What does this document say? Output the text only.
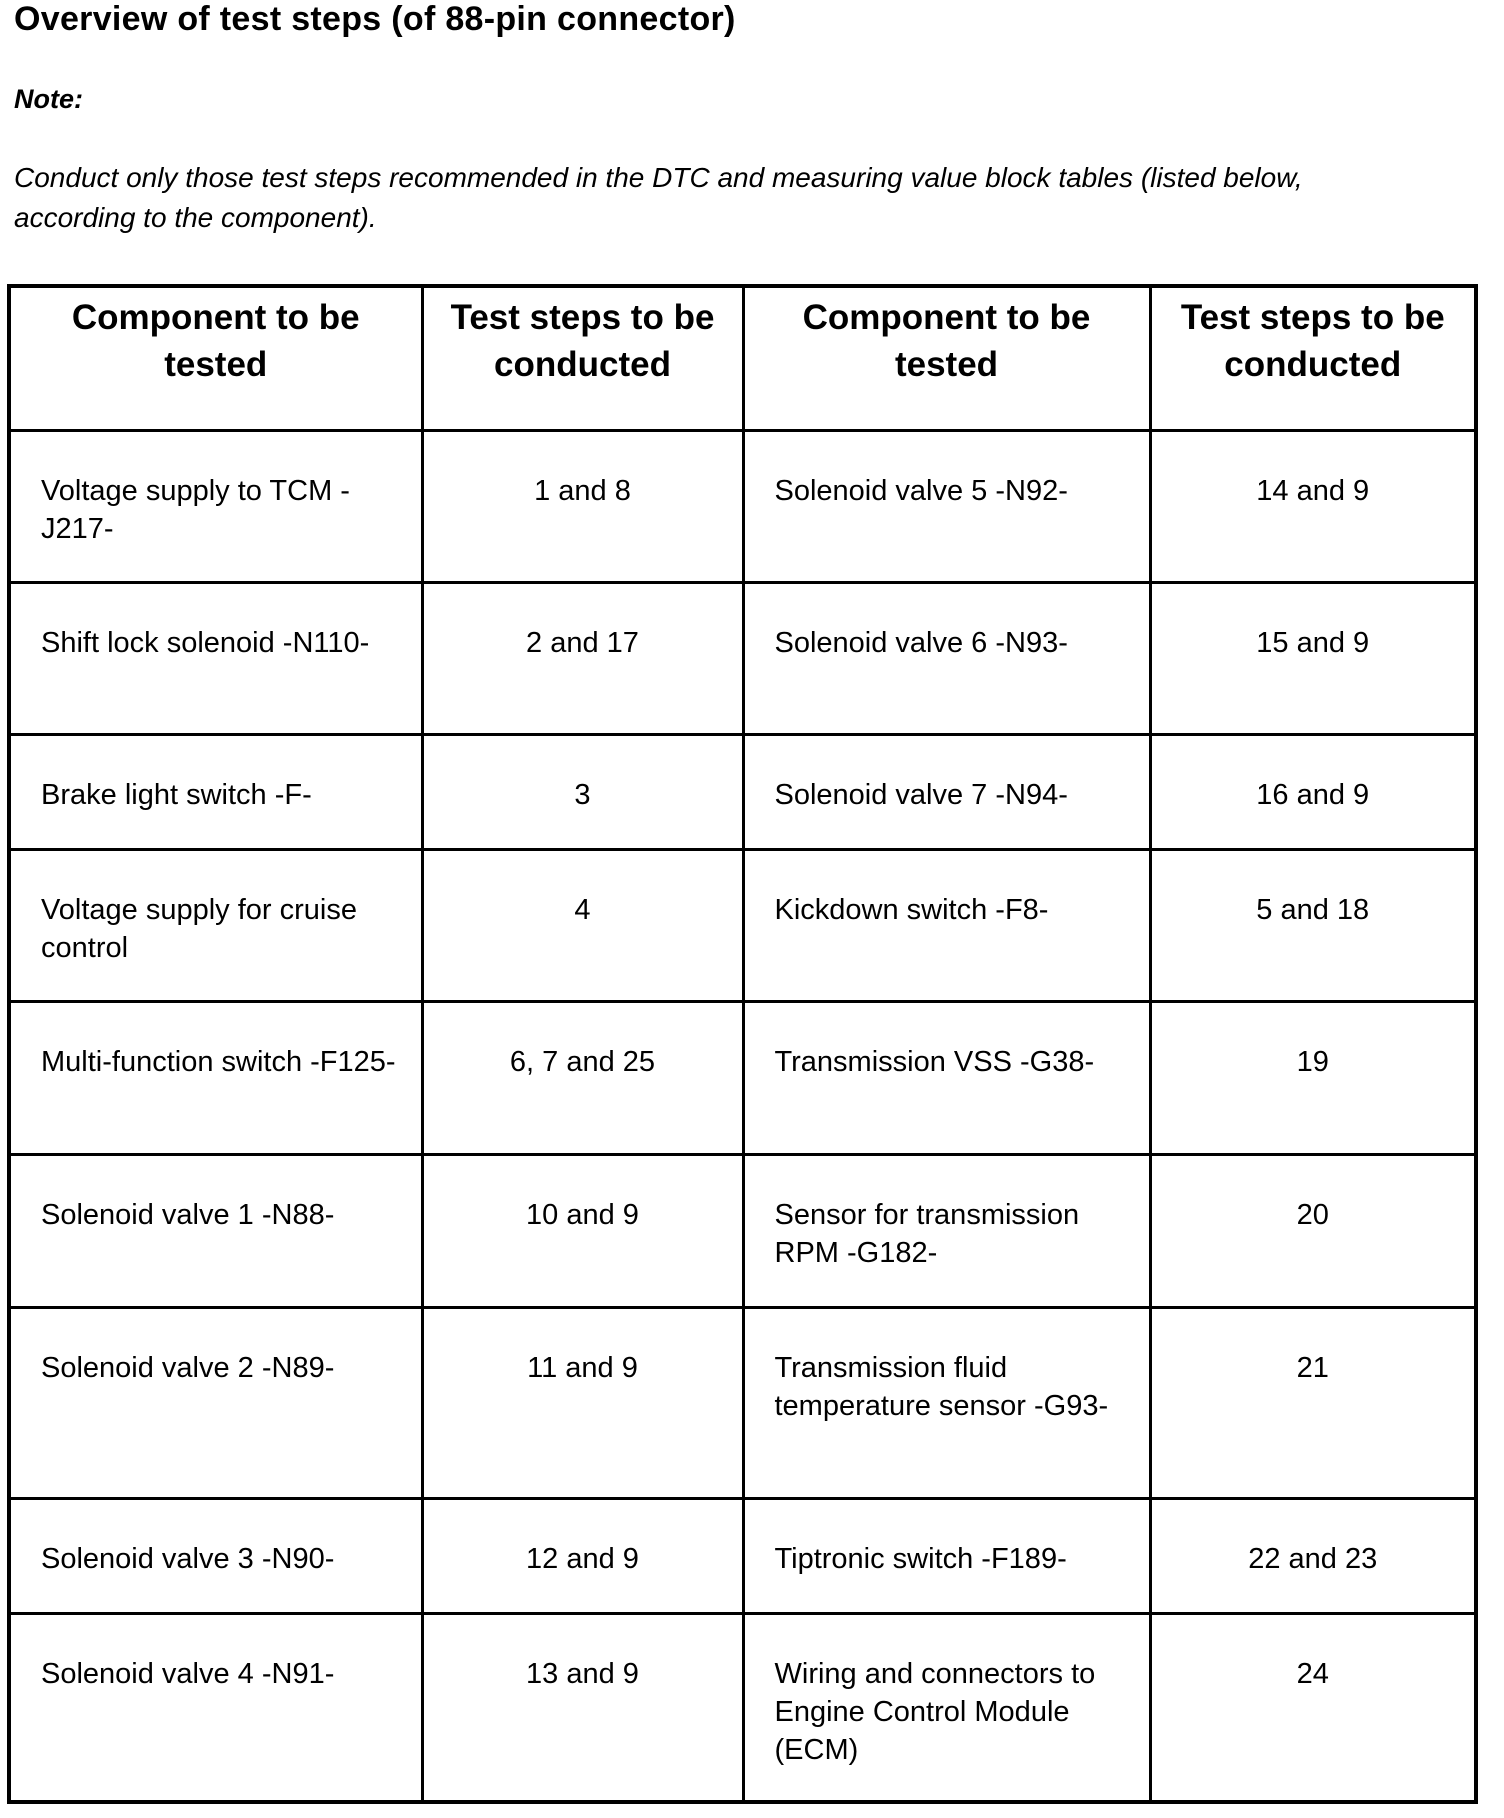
Overview of test steps (of 88-pin connector)
Note:
Conduct only those test steps recommended in the DTC and measuring value block tables (listed below, according to the component).
Component to be tested	Test steps to be conducted	Component to be tested	Test steps to be conducted
Voltage supply to TCM -J217-	1 and 8	Solenoid valve 5 -N92-	14 and 9
Shift lock solenoid -N110-	2 and 17	Solenoid valve 6 -N93-	15 and 9
Brake light switch -F-	3	Solenoid valve 7 -N94-	16 and 9
Voltage supply for cruise control	4	Kickdown switch -F8-	5 and 18
Multi-function switch -F125-	6, 7 and 25	Transmission VSS -G38-	19
Solenoid valve 1 -N88-	10 and 9	Sensor for transmission RPM -G182-	20
Solenoid valve 2 -N89-	11 and 9	Transmission fluid temperature sensor -G93-	21
Solenoid valve 3 -N90-	12 and 9	Tiptronic switch -F189-	22 and 23
Solenoid valve 4 -N91-	13 and 9	Wiring and connectors to Engine Control Module (ECM)	24
